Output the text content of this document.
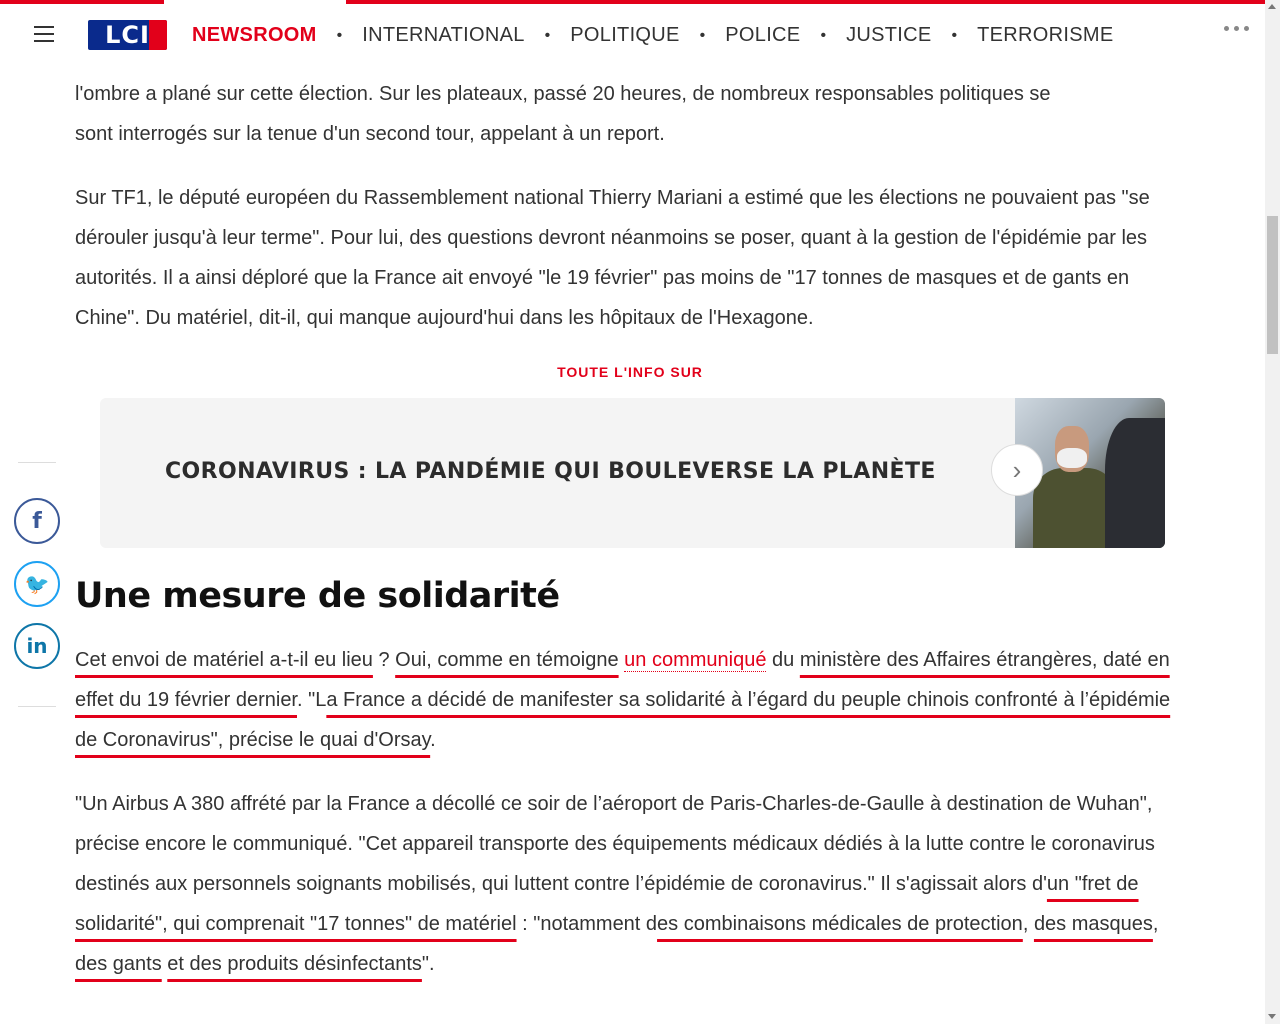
LCI NEWSROOM • INTERNATIONAL • POLITIQUE • POLICE • JUSTICE • TERRORISME

l'ombre a plané sur cette élection. Sur les plateaux, passé 20 heures, de nombreux responsables politiques se
sont interrogés sur la tenue d'un second tour, appelant à un report.

Sur TF1, le député européen du Rassemblement national Thierry Mariani a estimé que les élections ne pouvaient pas "se dérouler jusqu'à leur terme". Pour lui, des questions devront néanmoins se poser, quant à la gestion de l'épidémie par les autorités. Il a ainsi déploré que la France ait envoyé "le 19 février" pas moins de "17 tonnes de masques et de gants en Chine". Du matériel, dit-il, qui manque aujourd'hui dans les hôpitaux de l'Hexagone.

TOUTE L'INFO SUR
CORONAVIRUS : LA PANDÉMIE QUI BOULEVERSE LA PLANÈTE	›
Une mesure de solidarité

Cet envoi de matériel a-t-il eu lieu ? Oui, comme en témoigne un communiqué du ministère des Affaires étrangères, daté en effet du 19 février dernier. "La France a décidé de manifester sa solidarité à l’égard du peuple chinois confronté à l’épidémie de Coronavirus", précise le quai d'Orsay.

"Un Airbus A 380 affrété par la France a décollé ce soir de l’aéroport de Paris-Charles-de-Gaulle à destination de Wuhan", précise encore le communiqué. "Cet appareil transporte des équipements médicaux dédiés à la lutte contre le coronavirus destinés aux personnels soignants mobilisés, qui luttent contre l’épidémie de coronavirus." Il s'agissait alors d'un "fret de solidarité", qui comprenait "17 tonnes" de matériel : "notamment des combinaisons médicales de protection, des masques, des gants et des produits désinfectants".

f
🐦
in
